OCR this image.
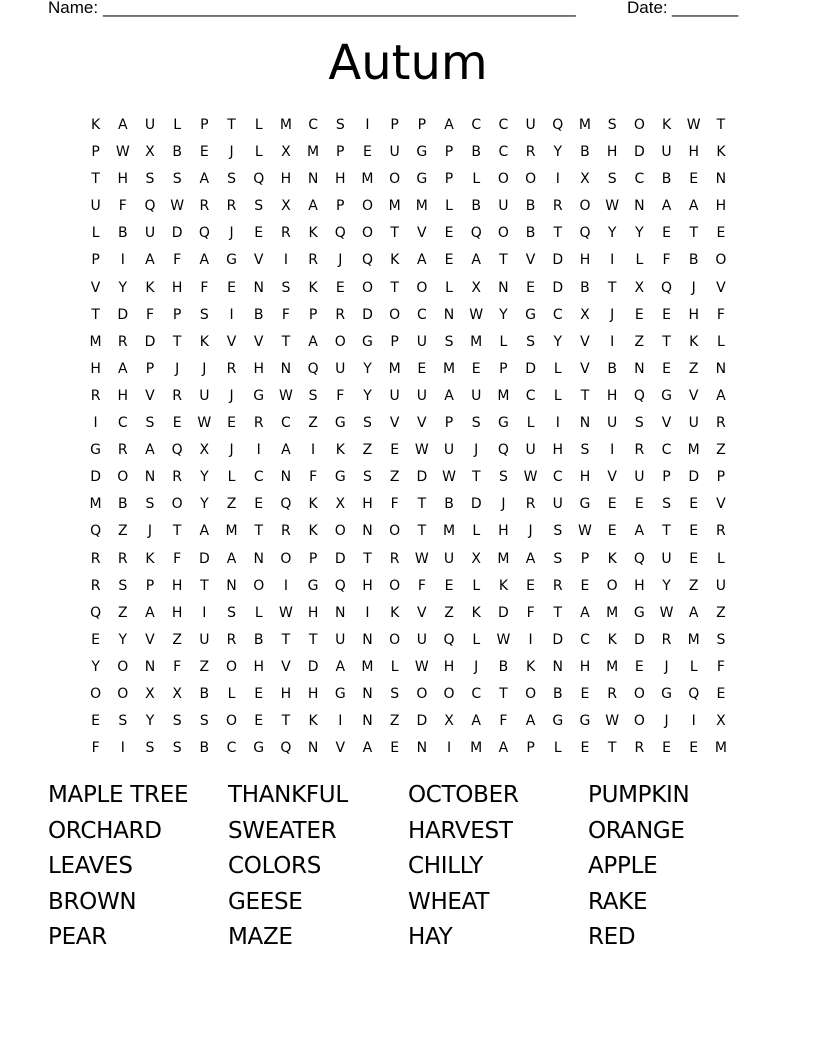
Name: __________________________________________________	Date: _______
Autum
K	A	U	L	P	T	L	M	C	S	I	P	P	A	C	C	U	Q	M	S	O	K	W	T
P	W	X	B	E	J	L	X	M	P	E	U	G	P	B	C	R	Y	B	H	D	U	H	K
T	H	S	S	A	S	Q	H	N	H	M	O	G	P	L	O	O	I	X	S	C	B	E	N
U	F	Q	W	R	R	S	X	A	P	O	M	M	L	B	U	B	R	O	W	N	A	A	H
L	B	U	D	Q	J	E	R	K	Q	O	T	V	E	Q	O	B	T	Q	Y	Y	E	T	E
P	I	A	F	A	G	V	I	R	J	Q	K	A	E	A	T	V	D	H	I	L	F	B	O
V	Y	K	H	F	E	N	S	K	E	O	T	O	L	X	N	E	D	B	T	X	Q	J	V
T	D	F	P	S	I	B	F	P	R	D	O	C	N	W	Y	G	C	X	J	E	E	H	F
M	R	D	T	K	V	V	T	A	O	G	P	U	S	M	L	S	Y	V	I	Z	T	K	L
H	A	P	J	J	R	H	N	Q	U	Y	M	E	M	E	P	D	L	V	B	N	E	Z	N
R	H	V	R	U	J	G	W	S	F	Y	U	U	A	U	M	C	L	T	H	Q	G	V	A
I	C	S	E	W	E	R	C	Z	G	S	V	V	P	S	G	L	I	N	U	S	V	U	R
G	R	A	Q	X	J	I	A	I	K	Z	E	W	U	J	Q	U	H	S	I	R	C	M	Z
D	O	N	R	Y	L	C	N	F	G	S	Z	D	W	T	S	W	C	H	V	U	P	D	P
M	B	S	O	Y	Z	E	Q	K	X	H	F	T	B	D	J	R	U	G	E	E	S	E	V
Q	Z	J	T	A	M	T	R	K	O	N	O	T	M	L	H	J	S	W	E	A	T	E	R
R	R	K	F	D	A	N	O	P	D	T	R	W	U	X	M	A	S	P	K	Q	U	E	L
R	S	P	H	T	N	O	I	G	Q	H	O	F	E	L	K	E	R	E	O	H	Y	Z	U
Q	Z	A	H	I	S	L	W	H	N	I	K	V	Z	K	D	F	T	A	M	G	W	A	Z
E	Y	V	Z	U	R	B	T	T	U	N	O	U	Q	L	W	I	D	C	K	D	R	M	S
Y	O	N	F	Z	O	H	V	D	A	M	L	W	H	J	B	K	N	H	M	E	J	L	F
O	O	X	X	B	L	E	H	H	G	N	S	O	O	C	T	O	B	E	R	O	G	Q	E
E	S	Y	S	S	O	E	T	K	I	N	Z	D	X	A	F	A	G	G	W	O	J	I	X
F	I	S	S	B	C	G	Q	N	V	A	E	N	I	M	A	P	L	E	T	R	E	E	M
MAPLE TREE	THANKFUL	OCTOBER	PUMPKIN
ORCHARD	SWEATER	HARVEST	ORANGE
LEAVES	COLORS	CHILLY	APPLE
BROWN	GEESE	WHEAT	RAKE
PEAR	MAZE	HAY	RED
